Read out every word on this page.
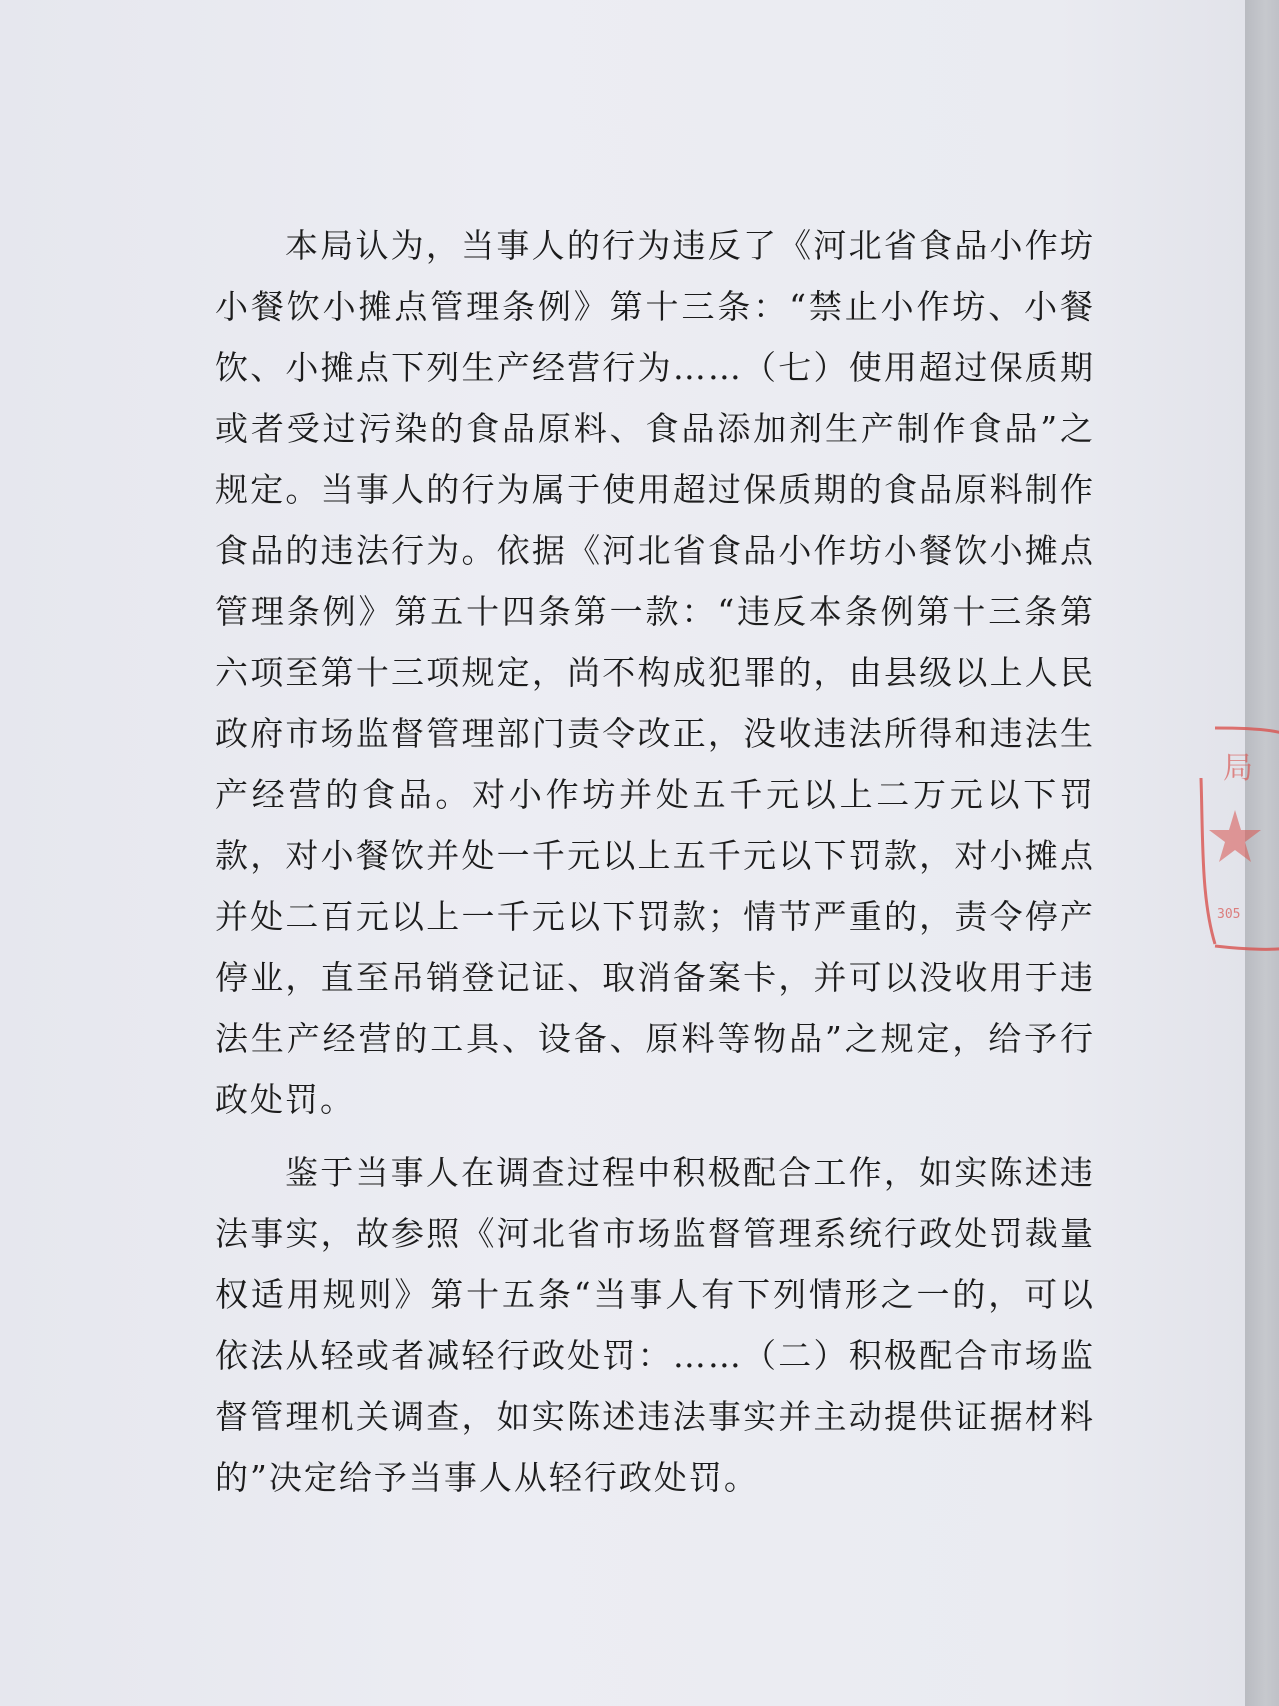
本局认为，当事人的行为违反了《河北省食品小作坊小餐饮小摊点管理条例》第十三条：“禁止小作坊、小餐饮、小摊点下列生产经营行为……（七）使用超过保质期或者受过污染的食品原料、食品添加剂生产制作食品”之规定。当事人的行为属于使用超过保质期的食品原料制作食品的违法行为。依据《河北省食品小作坊小餐饮小摊点管理条例》第五十四条第一款：“违反本条例第十三条第六项至第十三项规定，尚不构成犯罪的，由县级以上人民政府市场监督管理部门责令改正，没收违法所得和违法生产经营的食品。对小作坊并处五千元以上二万元以下罚款，对小餐饮并处一千元以上五千元以下罚款，对小摊点并处二百元以上一千元以下罚款；情节严重的，责令停产停业，直至吊销登记证、取消备案卡，并可以没收用于违法生产经营的工具、设备、原料等物品”之规定，给予行政处罚。

鉴于当事人在调查过程中积极配合工作，如实陈述违法事实，故参照《河北省市场监督管理系统行政处罚裁量权适用规则》第十五条“当事人有下列情形之一的，可以依法从轻或者减轻行政处罚：……（二）积极配合市场监督管理机关调查，如实陈述违法事实并主动提供证据材料的”决定给予当事人从轻行政处罚。

局
305
